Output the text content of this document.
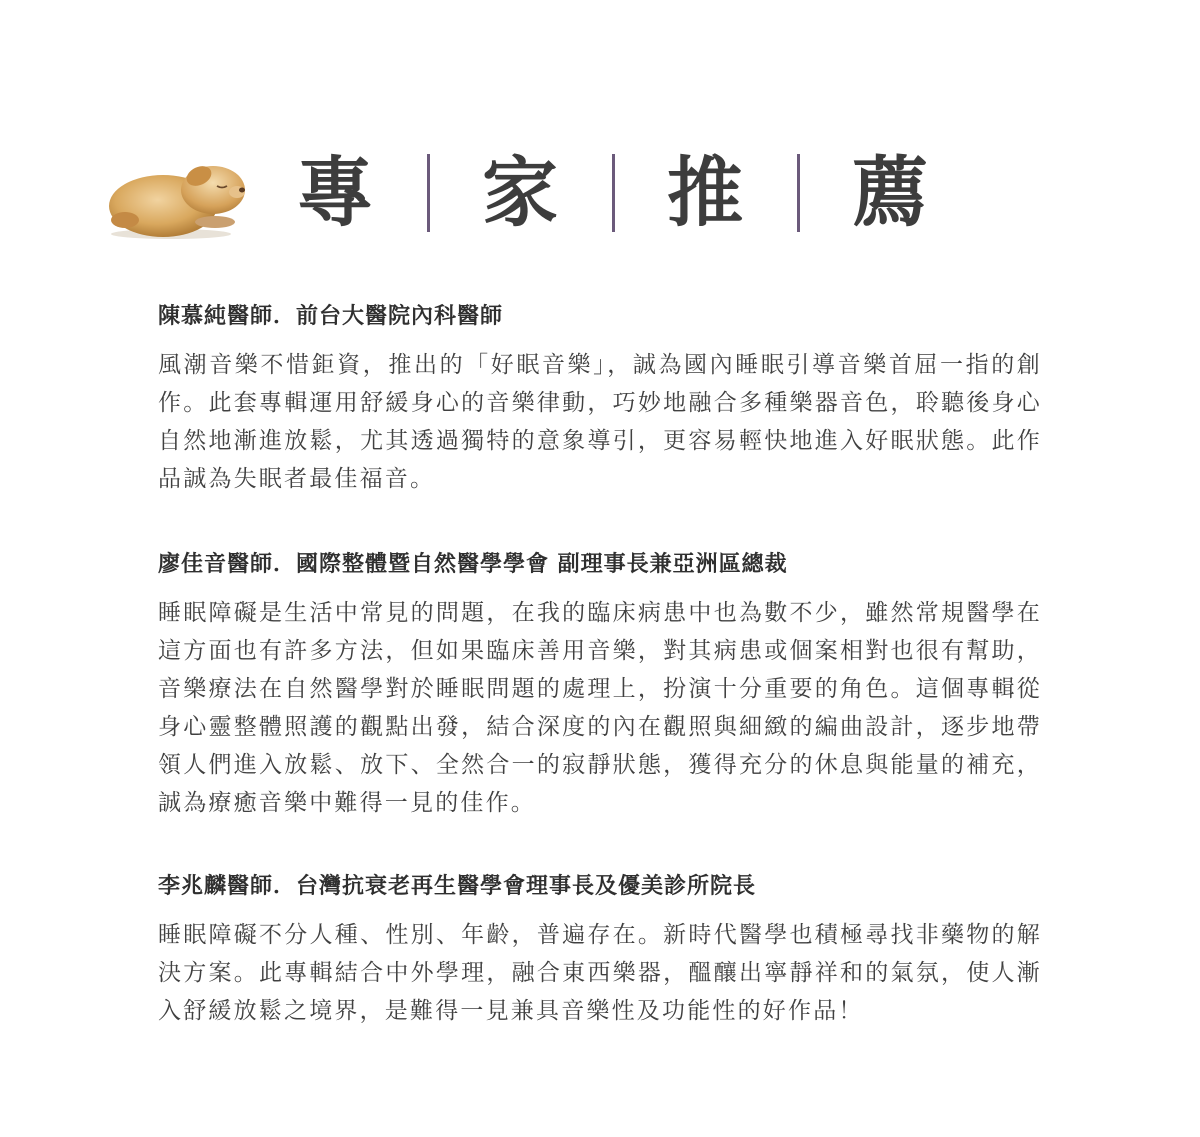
專 家 推 薦
陳慕純醫師．前台大醫院內科醫師
風潮音樂不惜鉅資，推出的「好眠音樂」，誠為國內睡眠引導音樂首屈一指的創作。此套專輯運用舒緩身心的音樂律動，巧妙地融合多種樂器音色，聆聽後身心自然地漸進放鬆，尤其透過獨特的意象導引，更容易輕快地進入好眠狀態。此作品誠為失眠者最佳福音。
廖佳音醫師．國際整體暨自然醫學學會 副理事長兼亞洲區總裁
睡眠障礙是生活中常見的問題，在我的臨床病患中也為數不少，雖然常規醫學在這方面也有許多方法，但如果臨床善用音樂，對其病患或個案相對也很有幫助，音樂療法在自然醫學對於睡眠問題的處理上，扮演十分重要的角色。這個專輯從身心靈整體照護的觀點出發，結合深度的內在觀照與細緻的編曲設計，逐步地帶領人們進入放鬆、放下、全然合一的寂靜狀態，獲得充分的休息與能量的補充，誠為療癒音樂中難得一見的佳作。
李兆麟醫師．台灣抗衰老再生醫學會理事長及優美診所院長
睡眠障礙不分人種、性別、年齡，普遍存在。新時代醫學也積極尋找非藥物的解決方案。此專輯結合中外學理，融合東西樂器，醞釀出寧靜祥和的氣氛，使人漸入舒緩放鬆之境界，是難得一見兼具音樂性及功能性的好作品！
